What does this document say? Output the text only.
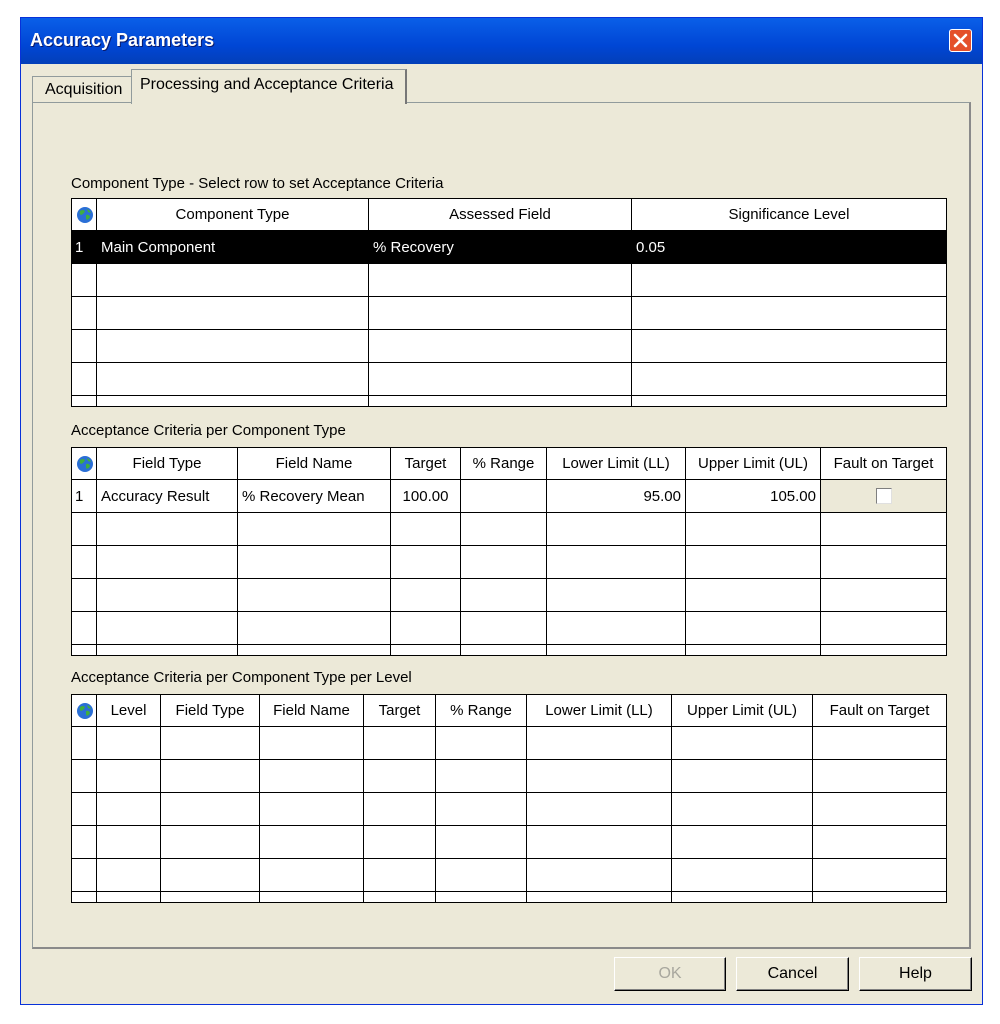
Accuracy Parameters
Acquisition	Processing and Acceptance Criteria
Component Type - Select row to set Acceptance Criteria
	Component Type	Assessed Field	Significance Level
1	Main Component	% Recovery	0.05

Acceptance Criteria per Component Type
	Field Type	Field Name	Target	% Range	Lower Limit (LL)	Upper Limit (UL)	Fault on Target
1	Accuracy Result	% Recovery Mean	100.00		95.00	105.00	

Acceptance Criteria per Component Type per Level
	Level	Field Type	Field Name	Target	% Range	Lower Limit (LL)	Upper Limit (UL)	Fault on Target

OK	Cancel	Help
